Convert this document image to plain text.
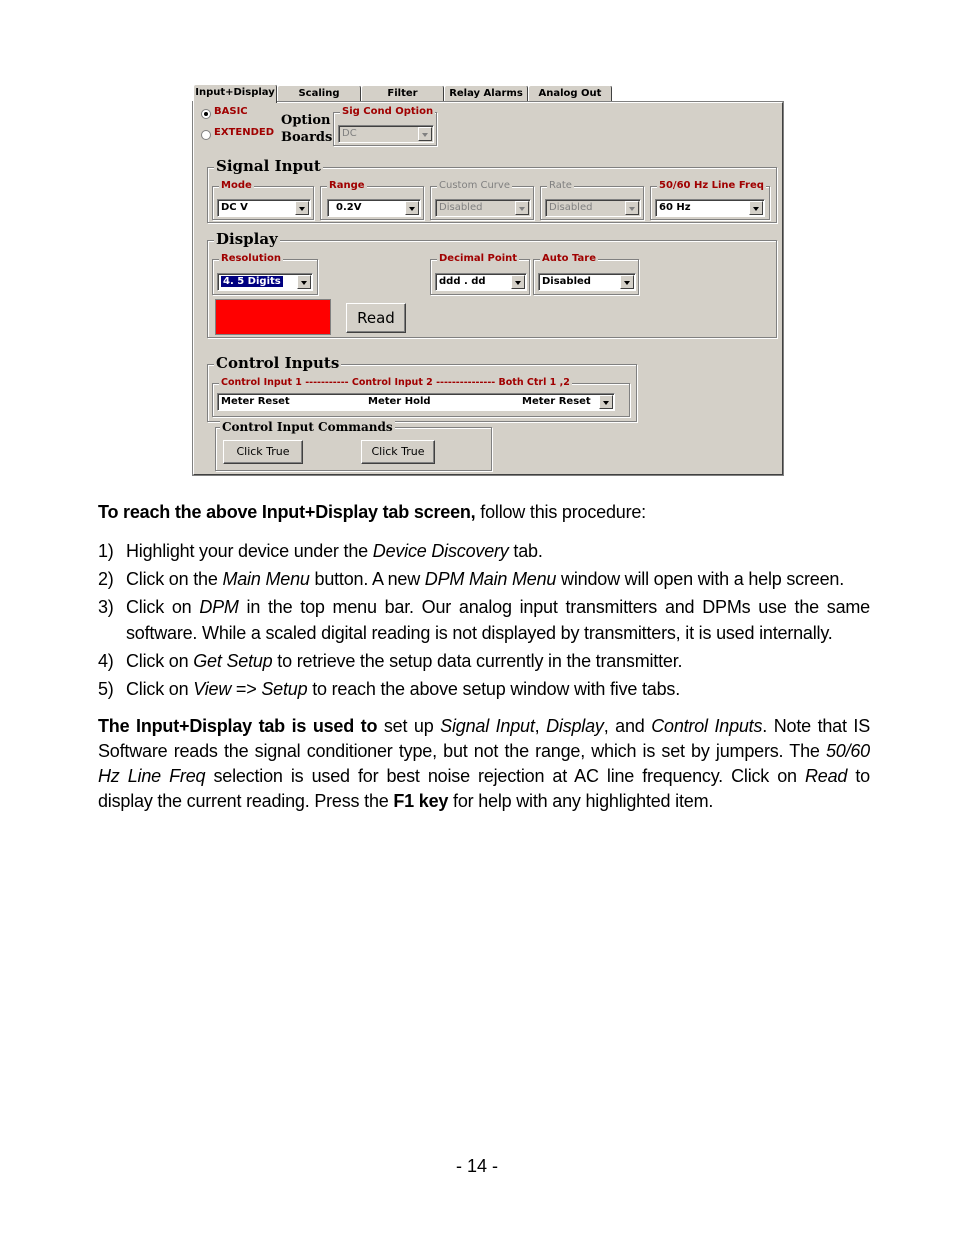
Input+Display	Scaling	Filter	Relay Alarms	Analog Out
BASIC
EXTENDED
Option
Boards
Sig Cond Option
DC
Signal Input
Mode
DC V
Range
0.2V
Custom Curve
Disabled
Rate
Disabled
50/60 Hz Line Freq
60 Hz
Display
Resolution
4. 5 Digits
Decimal Point
ddd . dd
Auto Tare
Disabled
Read
Control Inputs
Control Input 1 ----------- Control Input 2 --------------- Both Ctrl 1 ,2
Meter Reset	Meter Hold	Meter Reset
Control Input Commands
Click True	Click True
To reach the above Input+Display tab screen, follow this procedure:
1) Highlight your device under the Device Discovery tab.
2) Click on the Main Menu button. A new DPM Main Menu window will open with a help screen.
3) Click on DPM in the top menu bar. Our analog input transmitters and DPMs use the same software. While a scaled digital reading is not displayed by transmitters, it is used internally.
4) Click on Get Setup to retrieve the setup data currently in the transmitter.
5) Click on View => Setup to reach the above setup window with five tabs.
The Input+Display tab is used to set up Signal Input, Display, and Control Inputs. Note that IS Software reads the signal conditioner type, but not the range, which is set by jumpers. The 50/60 Hz Line Freq selection is used for best noise rejection at AC line frequency. Click on Read to display the current reading. Press the F1 key for help with any highlighted item.
- 14 -
